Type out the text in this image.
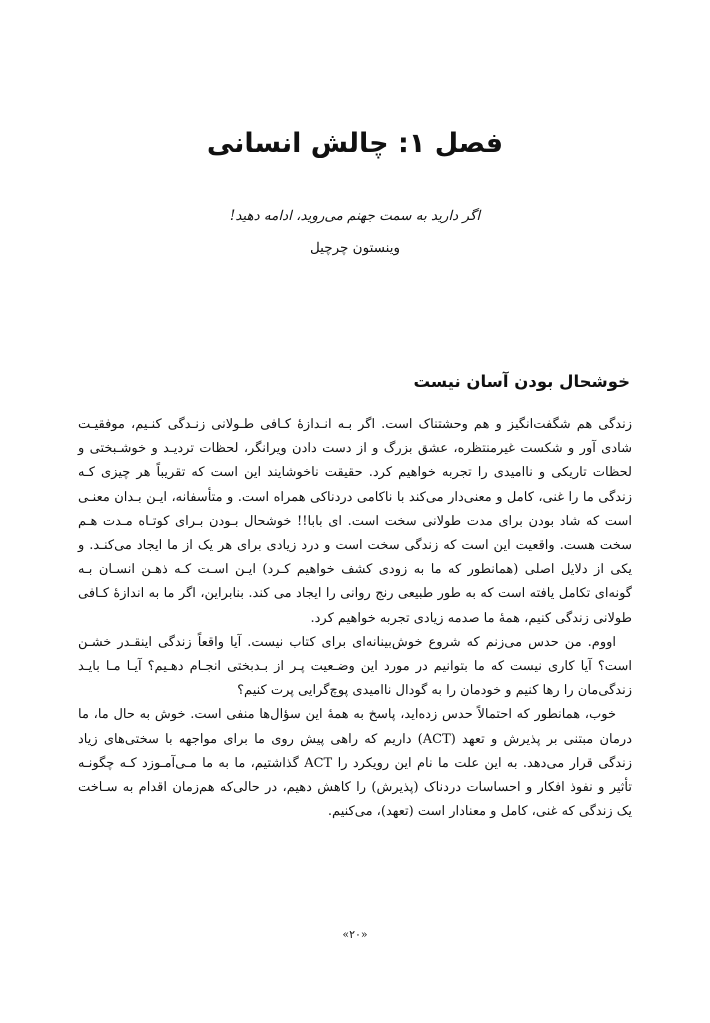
فصل ۱: چالش انسانی

اگر دارید به سمت جهنم می‌روید، ادامه دهید!

وینستون چرچیل

خوشحال بودن آسان نیست

زندگی هم شگفت‌انگیز و هم وحشتناک است. اگر بـه انـدازۀ کـافی طـولانی زنـدگی کنـیم، موفقیـت شادی آور و شکست غیرمنتظره، عشق بزرگ و از دست دادن ویرانگر، لحظات تردیـد و خوشـبختی و لحظات تاریکی و ناامیدی را تجربه خواهیم کرد. حقیقت ناخوشایند این است که تقریباً هر چیزی کـه زندگی ما را غنی، کامل و معنی‌دار می‌کند با ناکامی دردناکی همراه است. و متأسفانه، ایـن بـدان معنـی است که شاد بودن برای مدت طولانی سخت است. ای بابا!! خوشحال بـودن بـرای کوتـاه مـدت هـم سخت هست. واقعیت این است که زندگی سخت است و درد زیادی برای هر یک از ما ایجاد می‌کنـد. و یکی از دلایل اصلی (همانطور که ما به زودی کشف خواهیم کـرد) ایـن اسـت کـه ذهـن انسـان بـه گونه‌ای تکامل یافته است که به طور طبیعی رنج روانی را ایجاد می کند. بنابراین، اگر ما به اندازۀ کـافی طولانی زندگی کنیم، همۀ ما صدمه زیادی تجربه خواهیم کرد.

اووم. من حدس می‌زنم که شروع خوش‌بینانه‌ای برای کتاب نیست. آیا واقعاً زندگی اینقـدر خشـن است؟ آیا کاری نیست که ما بتوانیم در مورد این وضـعیت پـر از بـدبختی انجـام دهـیم؟ آیـا مـا بایـد زندگی‌مان را رها کنیم و خودمان را به گودال ناامیدی پوچ‌گرایی پرت کنیم؟

خوب، همانطور که احتمالاً حدس زده‌اید، پاسخ به همۀ این سؤال‌ها منفی است. خوش به حال ما، ما درمان مبتنی بر پذیرش و تعهد (ACT) داریم که راهی پیش روی ما برای مواجهه با سختی‌های زیاد زندگی قرار می‌دهد. به این علت ما نام این رویکرد را ACT گذاشتیم، ما به ما مـی‌آمـوزد کـه چگونـه تأثیر و نفوذ افکار و احساسات دردناک (پذیرش) را کاهش دهیم، در حالی‌که هم‌زمان اقدام به سـاخت یک زندگی که غنی، کامل و معنادار است (تعهد)، می‌کنیم.

«۲۰»
